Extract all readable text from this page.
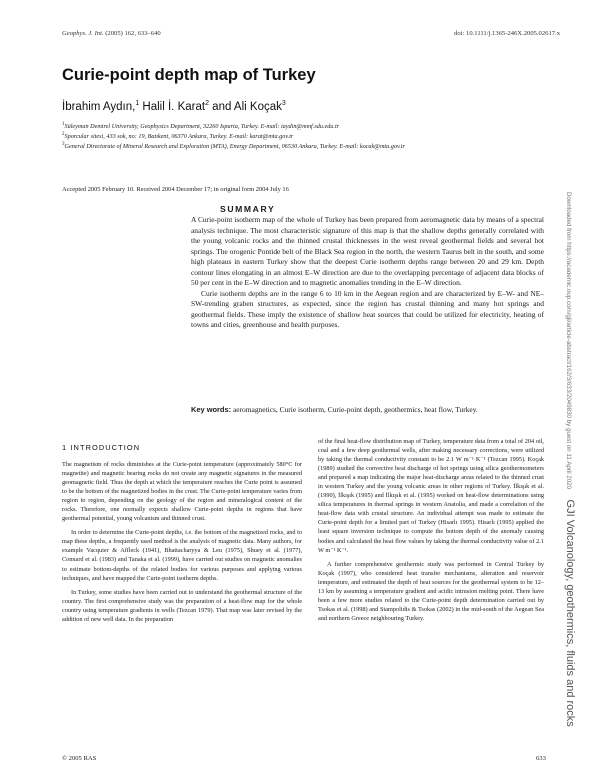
Geophys. J. Int. (2005) 162, 633–640	doi: 10.1111/j.1365-246X.2005.02617.x
Curie-point depth map of Turkey
İbrahim Aydın,$^1$ Halil İ. Karat$^2$ and Ali Koçak$^3$
$^1$Süleyman Demirel University, Geophysics Department, 32260 Isparta, Turkey. E-mail: iaydin@mmf.sdu.edu.tr
$^2$Sporcular sitesi, 433 sok, no: 19, Batıkent, 06370 Ankara, Turkey. E-mail: karat@mta.gov.tr
$^3$General Directorate of Mineral Research and Exploration (MTA), Energy Department, 06530 Ankara, Turkey. E-mail: kocak@mta.gov.tr
Accepted 2005 February 10. Received 2004 December 17; in original form 2004 July 16
SUMMARY

A Curie-point isotherm map of the whole of Turkey has been prepared from aeromagnetic data by means of a spectral analysis technique. The most characteristic signature of this map is that the shallow depths generally correlated with the young volcanic rocks and the thinned crustal thicknesses in the west reveal geothermal fields and several hot springs. The orogenic Pontide belt of the Black Sea region in the north, the western Taurus belt in the south, and some high plateaus in eastern Turkey show that the deepest Curie isotherm depths range between 20 and 29 km. Depth contour lines elongating in an almost E–W direction are due to the overlapping percentage of adjacent data blocks of 50 per cent in the E–W direction and to magnetic anomalies trending in the E–W direction.

Curie isotherm depths are in the range 6 to 10 km in the Aegean region and are characterized by E–W- and NE–SW-trending graben structures, as expected, since the region has crustal thinning and many hot springs and geothermal fields. These imply the existence of shallow heat sources that could be utilized for electricity, heating of towns and cities, greenhouse and health purposes.

Key words: aeromagnetics, Curie isotherm, Curie-point depth, geothermics, heat flow, Turkey.
1 INTRODUCTION

The magnetism of rocks diminishes at the Curie-point temperature (approximately 580°C for magnetite) and magnetic bearing rocks do not create any magnetic signatures in the measured geomagnetic field. Thus the depth at which the temperature reaches the Curie point is assumed to be the bottom of the magnetized bodies in the crust. The Curie-point temperature varies from region to region, depending on the geology of the region and mineralogical content of the rocks. Therefore, one normally expects shallow Curie-point depths in regions that have geothermal potential, young volcanism and thinned crust.

In order to determine the Curie-point depths, i.e. the bottom of the magnetized rocks, and to map these depths, a frequently used method is the analysis of magnetic data. Many authors, for example Vacquier & Affleck (1941), Bhattacharyya & Leu (1975), Shuey et al. (1977), Connard et al. (1983) and Tanaka et al. (1999), have carried out studies on magnetic anomalies to estimate bottom-depths of the related bodies for various purposes and applying various techniques, and have mapped the Curie-point isotherm depths.

In Turkey, some studies have been carried out to understand the geothermal structure of the country. The first comprehensive study was the preparation of a heat-flow map for the whole country using temperature gradients in wells (Tezcan 1979). That map was later revised by the addition of new well data. In the preparation

of the final heat-flow distribution map of Turkey, temperature data from a total of 204 oil, coal and a few deep geothermal wells, after making necessary corrections, were utilized by taking the thermal conductivity constant to be 2.1 W m⁻¹ K⁻¹ (Tezcan 1995). Koçak (1989) studied the convective heat discharge of hot springs using silica geothermometers and prepared a map indicating the major heat-discharge areas related to the thinned crust in western Turkey and the young volcanic areas in other regions of Turkey. İlkışık et al. (1990), İlkışık (1995) and İlkışık et al. (1995) worked on heat-flow determinations using silica temperatures in thermal springs in western Anatolia, and made a correlation of the heat-flow data with crustal structure. An individual attempt was made to estimate the Curie-point depth for a limited part of Turkey (Hisarlı 1995). Hisarlı (1995) applied the least square inversion technique to compute the bottom depth of the anomaly causing bodies and calculated the heat flow values by taking the thermal conductivity value of 2.1 W m⁻¹ K⁻¹.

A further comprehensive geothermic study was performed in Central Turkey by Koçak (1997), who considered heat transfer mechanisms, alteration and reservoir temperature, and estimated the depth of heat sources for the geothermal system to be 12–13 km by assuming a temperature gradient and acidic intrusion melting point. There have been a few more studies related to the Curie-point depth determination carried out by Tsokas et al. (1998) and Stampolidis & Tsokas (2002) in the mid-south of the Aegean Sea and northern Greece neighbouring Turkey.

© 2005 RAS	633
Downloaded from https://academic.oup.com/gji/article-abstract/162/3/633/2049830 by guest on 11 April 2020 GJI Volcanology, geothermics, fluids and rocks
